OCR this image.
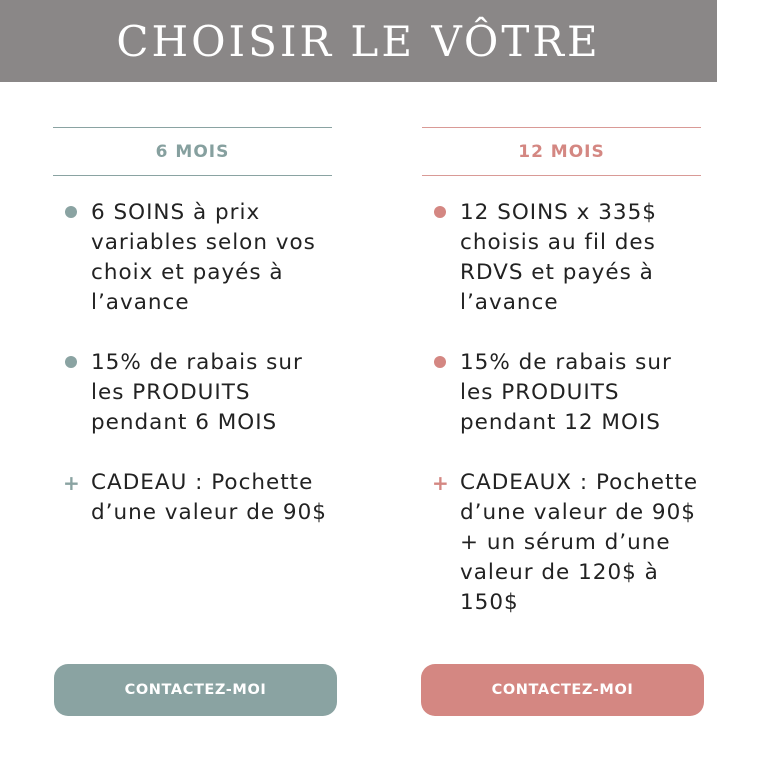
CHOISIR LE VÔTRE
6 MOIS
6 SOINS à prix variables selon vos choix et payés à l’avance
15% de rabais sur les PRODUITS pendant 6 MOIS
+ CADEAU : Pochette d’une valeur de 90$
12 MOIS
12 SOINS x 335$ choisis au fil des RDVS et payés à l’avance
15% de rabais sur les PRODUITS pendant 12 MOIS
+ CADEAUX : Pochette d’une valeur de 90$ + un sérum d’une valeur de 120$ à 150$
CONTACTEZ-MOI	CONTACTEZ-MOI
